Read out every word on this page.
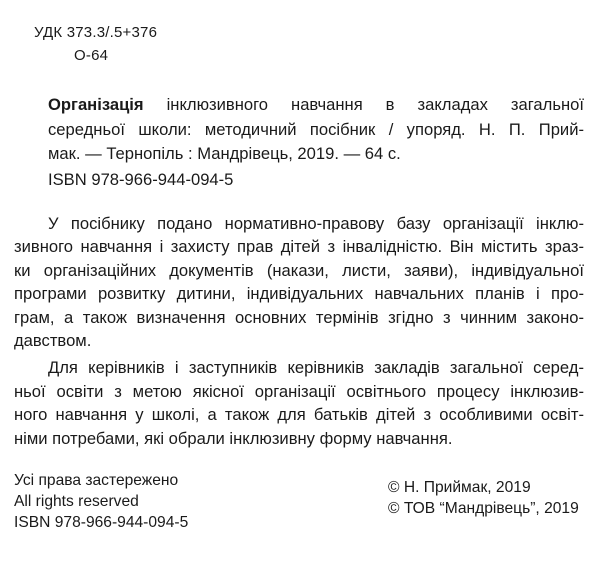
УДК 373.3/.5+376
О-64
Організація інклюзивного навчання в закладах загальної
середньої школи: методичний посібник / упоряд. Н. П. Прий-
мак. — Тернопіль : Мандрівець, 2019. — 64 с.
ISBN 978-966-944-094-5
У посібнику подано нормативно-правову базу організації інклю-
зивного навчання і захисту прав дітей з інвалідністю. Він містить зраз-
ки організаційних документів (накази, листи, заяви), індивідуальної
програми розвитку дитини, індивідуальних навчальних планів і про-
грам, а також визначення основних термінів згідно з чинним законо-
давством.
Для керівників і заступників керівників закладів загальної серед-
ньої освіти з метою якісної організації освітнього процесу інклюзив-
ного навчання у школі, а також для батьків дітей з особливими освіт-
німи потребами, які обрали інклюзивну форму навчання.
Усі права застережено
All rights reserved
ISBN 978-966-944-094-5
© Н. Приймак, 2019
© ТОВ “Мандрівець”, 2019
